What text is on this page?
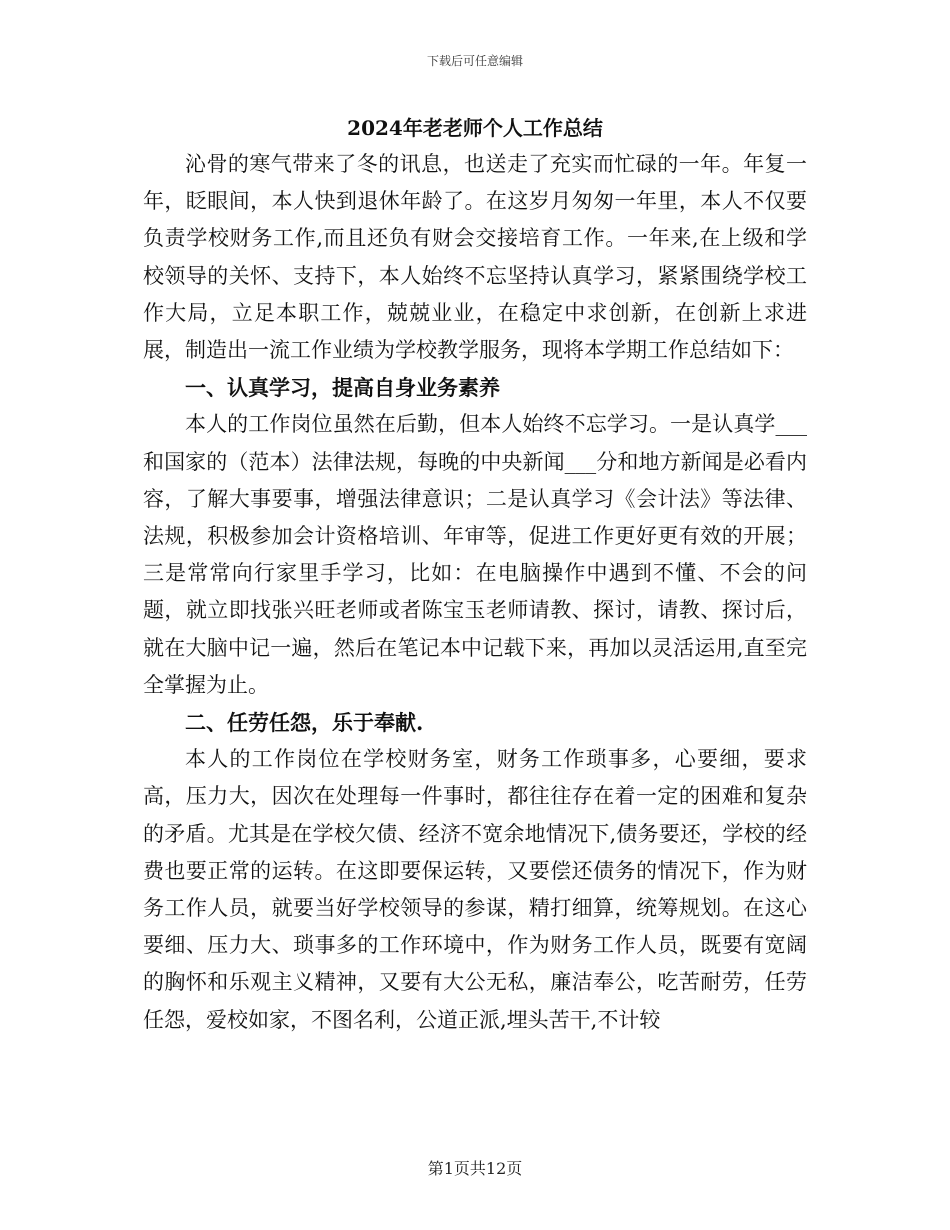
下载后可任意编辑
2024年老老师个人工作总结

沁骨的寒气带来了冬的讯息，也送走了充实而忙碌的一年。年复一年，眨眼间，本人快到退休年龄了。在这岁月匆匆一年里，本人不仅要负责学校财务工作,而且还负有财会交接培育工作。一年来,在上级和学校领导的关怀、支持下，本人始终不忘坚持认真学习，紧紧围绕学校工作大局，立足本职工作，兢兢业业，在稳定中求创新，在创新上求进展，制造出一流工作业绩为学校教学服务，现将本学期工作总结如下：

一、认真学习，提高自身业务素养

本人的工作岗位虽然在后勤，但本人始终不忘学习。一是认真学___和国家的（范本）法律法规，每晚的中央新闻___分和地方新闻是必看内容，了解大事要事，增强法律意识；二是认真学习《会计法》等法律、法规，积极参加会计资格培训、年审等，促进工作更好更有效的开展；三是常常向行家里手学习，比如：在电脑操作中遇到不懂、不会的问题，就立即找张兴旺老师或者陈宝玉老师请教、探讨，请教、探讨后，就在大脑中记一遍，然后在笔记本中记载下来，再加以灵活运用,直至完全掌握为止。

二、任劳任怨，乐于奉献.

本人的工作岗位在学校财务室，财务工作琐事多，心要细，要求高，压力大，因次在处理每一件事时，都往往存在着一定的困难和复杂的矛盾。尤其是在学校欠债、经济不宽余地情况下,债务要还，学校的经费也要正常的运转。在这即要保运转，又要偿还债务的情况下，作为财务工作人员，就要当好学校领导的参谋，精打细算，统筹规划。在这心要细、压力大、琐事多的工作环境中，作为财务工作人员，既要有宽阔的胸怀和乐观主义精神，又要有大公无私，廉洁奉公，吃苦耐劳，任劳任怨，爱校如家，不图名利，公道正派,埋头苦干,不计较

第1页共12页
